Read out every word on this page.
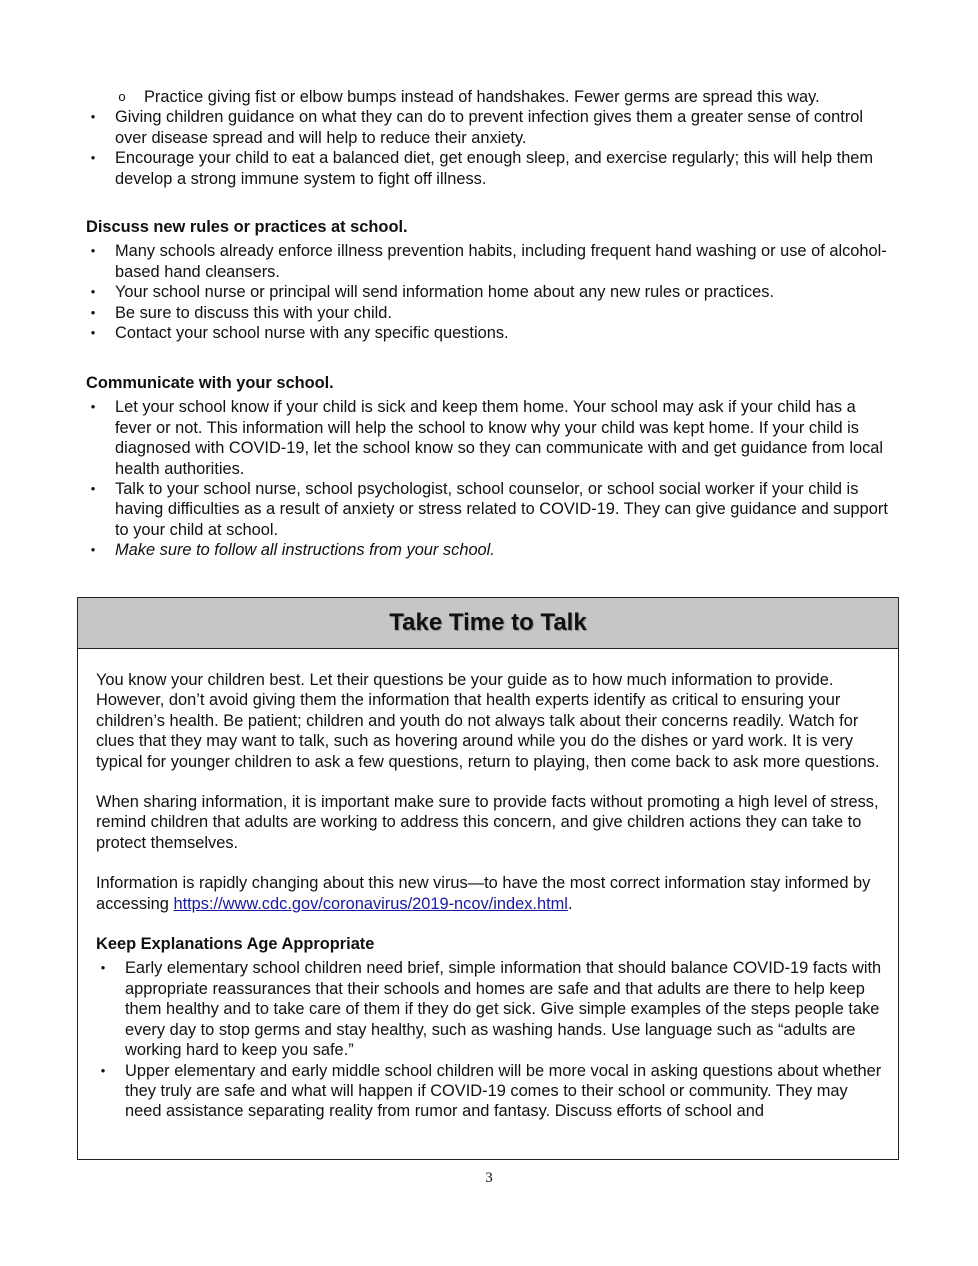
o Practice giving fist or elbow bumps instead of handshakes. Fewer germs are spread this way.
• Giving children guidance on what they can do to prevent infection gives them a greater sense of control over disease spread and will help to reduce their anxiety.
• Encourage your child to eat a balanced diet, get enough sleep, and exercise regularly; this will help them develop a strong immune system to fight off illness.

Discuss new rules or practices at school.

• Many schools already enforce illness prevention habits, including frequent hand washing or use of alcohol-based hand cleansers.
• Your school nurse or principal will send information home about any new rules or practices.
• Be sure to discuss this with your child.
• Contact your school nurse with any specific questions.

Communicate with your school.

• Let your school know if your child is sick and keep them home. Your school may ask if your child has a fever or not. This information will help the school to know why your child was kept home. If your child is diagnosed with COVID-19, let the school know so they can communicate with and get guidance from local health authorities.
• Talk to your school nurse, school psychologist, school counselor, or school social worker if your child is having difficulties as a result of anxiety or stress related to COVID-19. They can give guidance and support to your child at school.
• Make sure to follow all instructions from your school.
Take Time to Talk

You know your children best. Let their questions be your guide as to how much information to provide. However, don’t avoid giving them the information that health experts identify as critical to ensuring your children’s health. Be patient; children and youth do not always talk about their concerns readily. Watch for clues that they may want to talk, such as hovering around while you do the dishes or yard work. It is very typical for younger children to ask a few questions, return to playing, then come back to ask more questions.

When sharing information, it is important make sure to provide facts without promoting a high level of stress, remind children that adults are working to address this concern, and give children actions they can take to protect themselves.

Information is rapidly changing about this new virus—to have the most correct information stay informed by accessing https://www.cdc.gov/coronavirus/2019-ncov/index.html.

Keep Explanations Age Appropriate

• Early elementary school children need brief, simple information that should balance COVID-19 facts with appropriate reassurances that their schools and homes are safe and that adults are there to help keep them healthy and to take care of them if they do get sick. Give simple examples of the steps people take every day to stop germs and stay healthy, such as washing hands. Use language such as “adults are working hard to keep you safe.”
• Upper elementary and early middle school children will be more vocal in asking questions about whether they truly are safe and what will happen if COVID-19 comes to their school or community. They may need assistance separating reality from rumor and fantasy. Discuss efforts of school and
3
